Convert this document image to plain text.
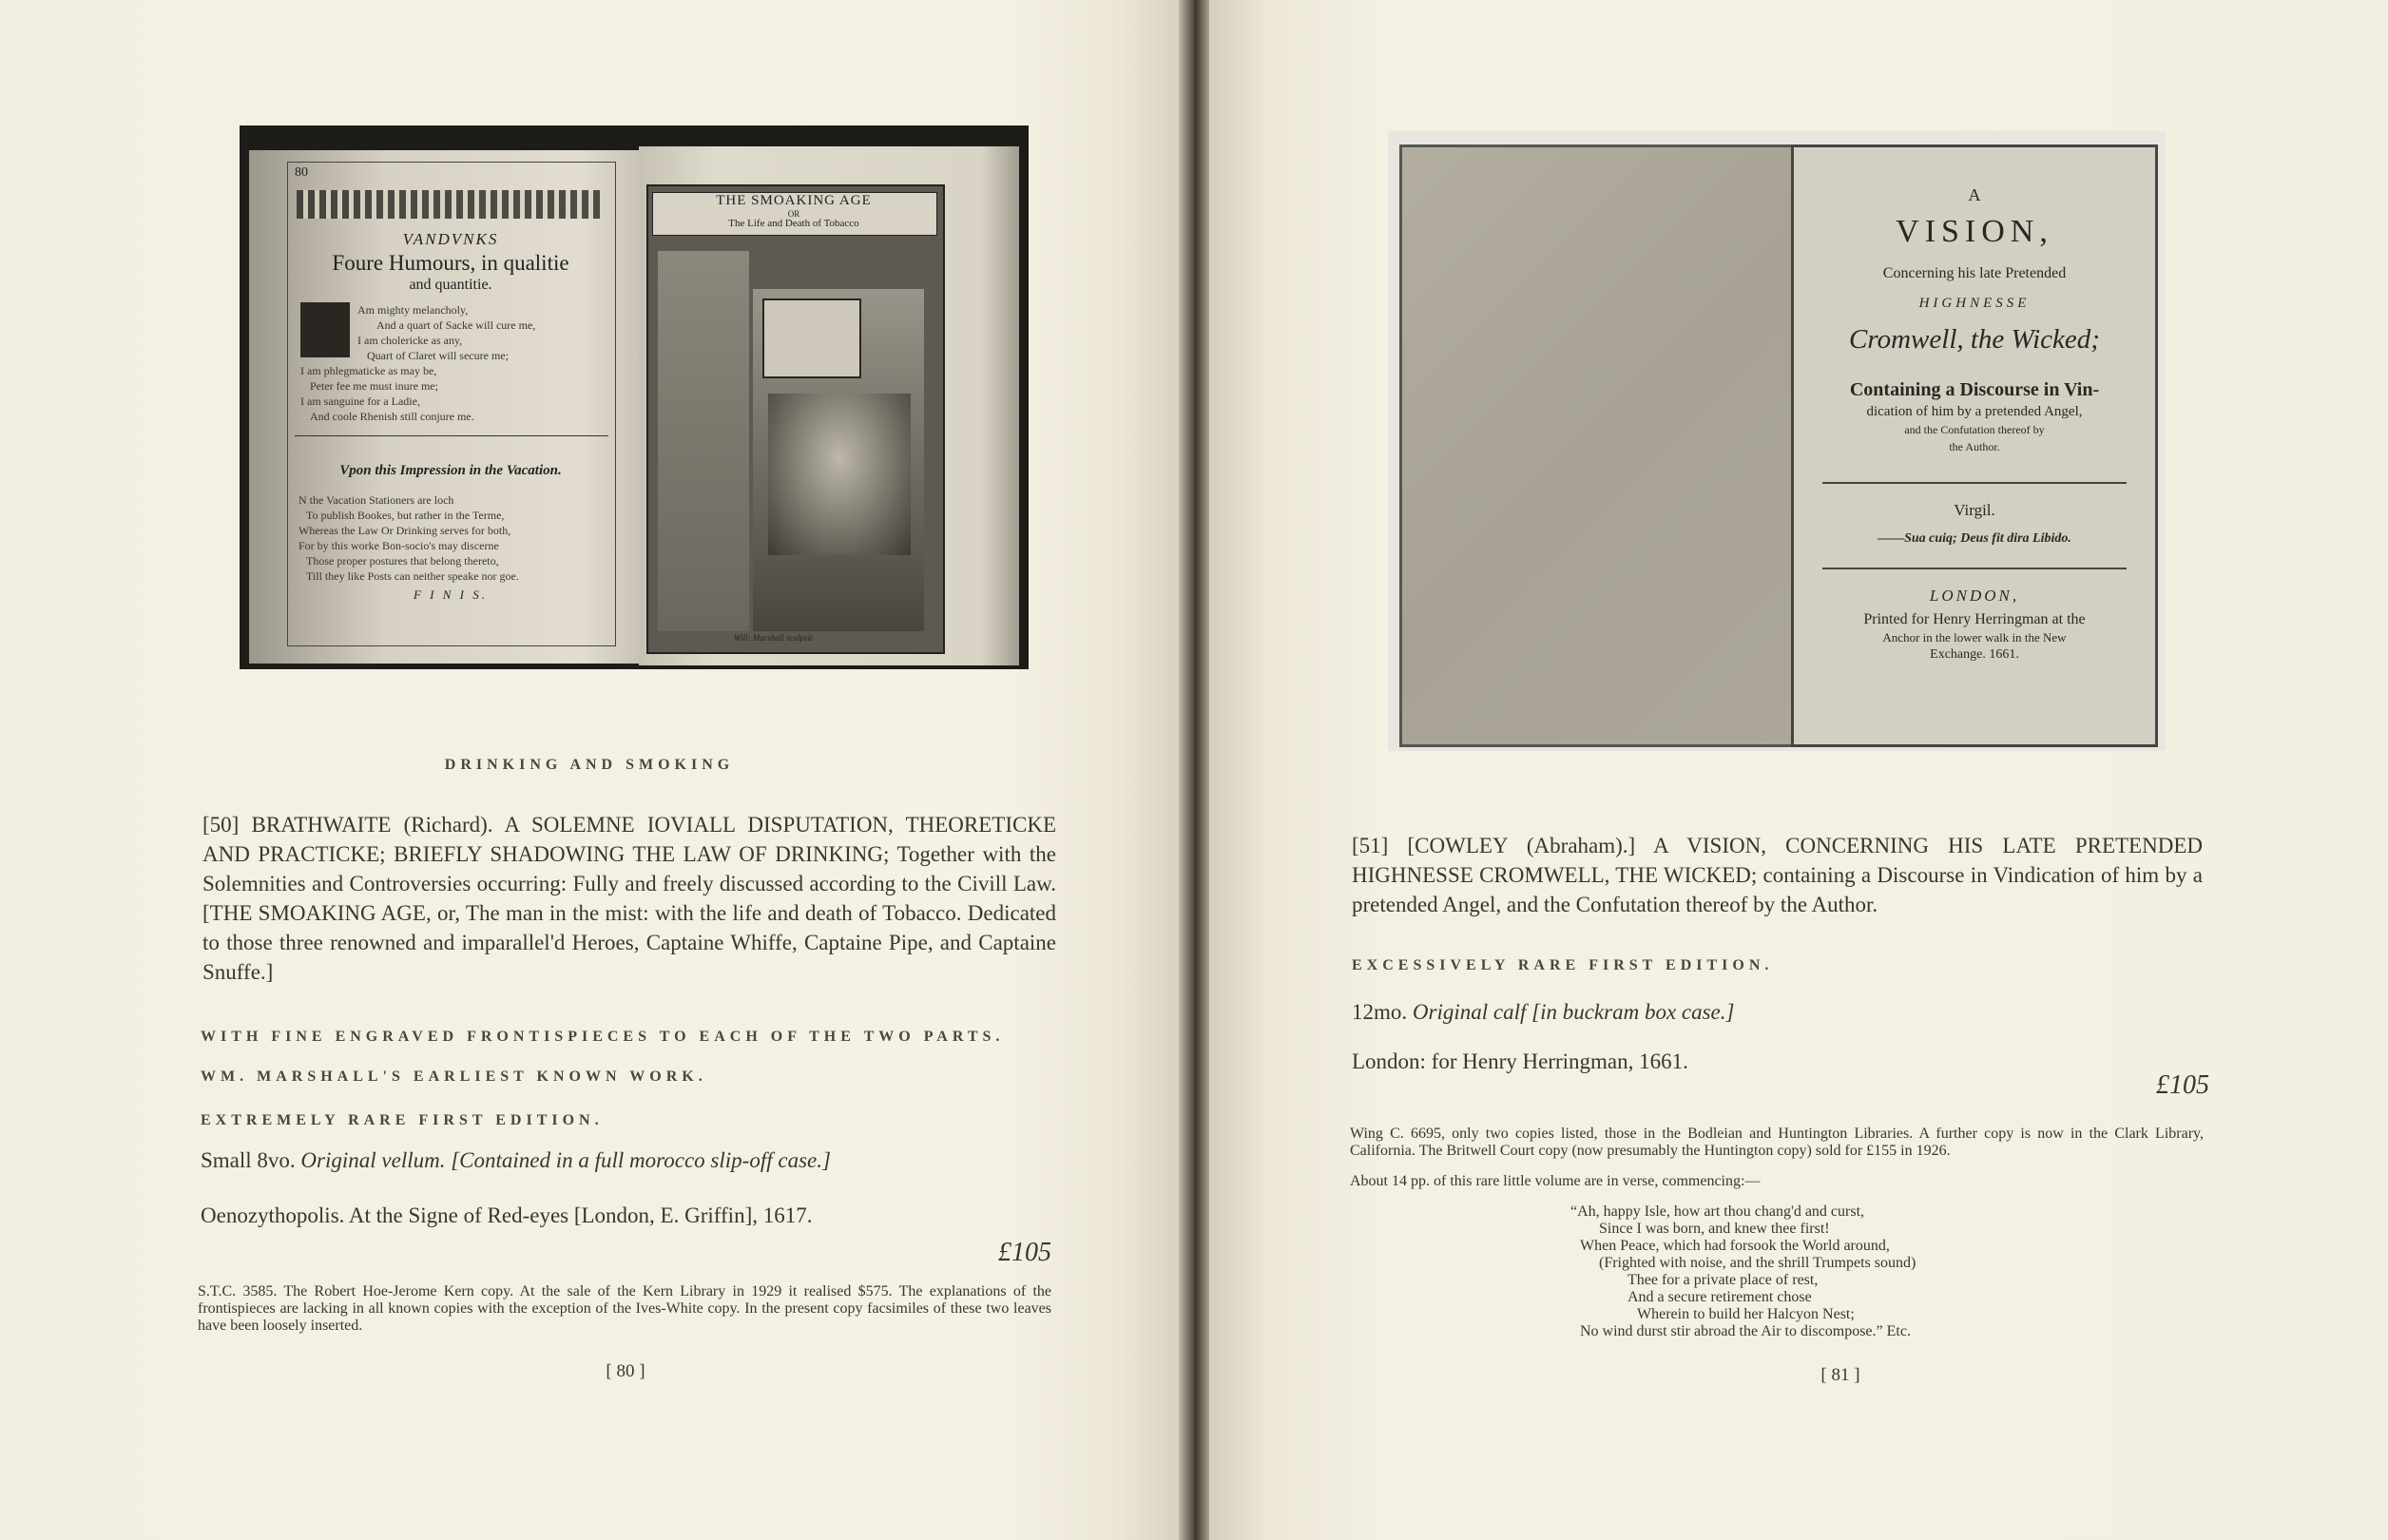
80
VANDVNKS
Foure Humours, in qualitie
and quantitie.
Am mighty melancholy,
And a quart of Sacke will cure me,
I am cholericke as any,
Quart of Claret will secure me;
I am phlegmaticke as may be,
Peter fee me must inure me;
I am sanguine for a Ladie,
And coole Rhenish still conjure me.
Vpon this Impression in the Vacation.
N the Vacation Stationers are loch
To publish Bookes, but rather in the Terme,
Whereas the Law Or Drinking serves for both,
For by this worke Bon-socio's may discerne
Those proper postures that belong thereto,
Till they like Posts can neither speake nor goe.
F I N I S.
THE SMOAKING AGE
OR
The Life and Death of Tobacco
Will: Marshall sculpsit
DRINKING AND SMOKING
[50] BRATHWAITE (Richard). A SOLEMNE IOVIALL DISPUTATION, THEORETICKE AND PRACTICKE; BRIEFLY SHADOWING THE LAW OF DRINKING; Together with the Solemnities and Controversies occurring: Fully and freely discussed according to the Civill Law. [THE SMOAKING AGE, or, The man in the mist: with the life and death of Tobacco. Dedicated to those three renowned and imparallel'd Heroes, Captaine Whiffe, Captaine Pipe, and Captaine Snuffe.]
WITH FINE ENGRAVED FRONTISPIECES TO EACH OF THE TWO PARTS.
WM. MARSHALL'S EARLIEST KNOWN WORK.
EXTREMELY RARE FIRST EDITION.
Small 8vo. Original vellum. [Contained in a full morocco slip-off case.]
Oenozythopolis. At the Signe of Red-eyes [London, E. Griffin], 1617.
£105
S.T.C. 3585. The Robert Hoe-Jerome Kern copy. At the sale of the Kern Library in 1929 it realised $575. The explanations of the frontispieces are lacking in all known copies with the exception of the Ives-White copy. In the present copy facsimiles of these two leaves have been loosely inserted.
[ 80 ]
A
VISION,
Concerning his late Pretended
HIGHNESSE
Cromwell, the Wicked;
Containing a Discourse in Vin-
dication of him by a pretended Angel,
and the Confutation thereof by
the Author.
Virgil.
——Sua cuiq; Deus fit dira Libido.
LONDON,
Printed for Henry Herringman at the
Anchor in the lower walk in the New
Exchange. 1661.
[51] [COWLEY (Abraham).] A VISION, CONCERNING HIS LATE PRETENDED HIGHNESSE CROMWELL, THE WICKED; containing a Discourse in Vindication of him by a pretended Angel, and the Confutation thereof by the Author.
EXCESSIVELY RARE FIRST EDITION.
12mo. Original calf [in buckram box case.]
London: for Henry Herringman, 1661.
£105
Wing C. 6695, only two copies listed, those in the Bodleian and Huntington Libraries. A further copy is now in the Clark Library, California. The Britwell Court copy (now presumably the Huntington copy) sold for £155 in 1926.
About 14 pp. of this rare little volume are in verse, commencing:—
“Ah, happy Isle, how art thou chang'd and curst,
Since I was born, and knew thee first!
When Peace, which had forsook the World around,
(Frighted with noise, and the shrill Trumpets sound)
Thee for a private place of rest,
And a secure retirement chose
Wherein to build her Halcyon Nest;
No wind durst stir abroad the Air to discompose.” Etc.
[ 81 ]
